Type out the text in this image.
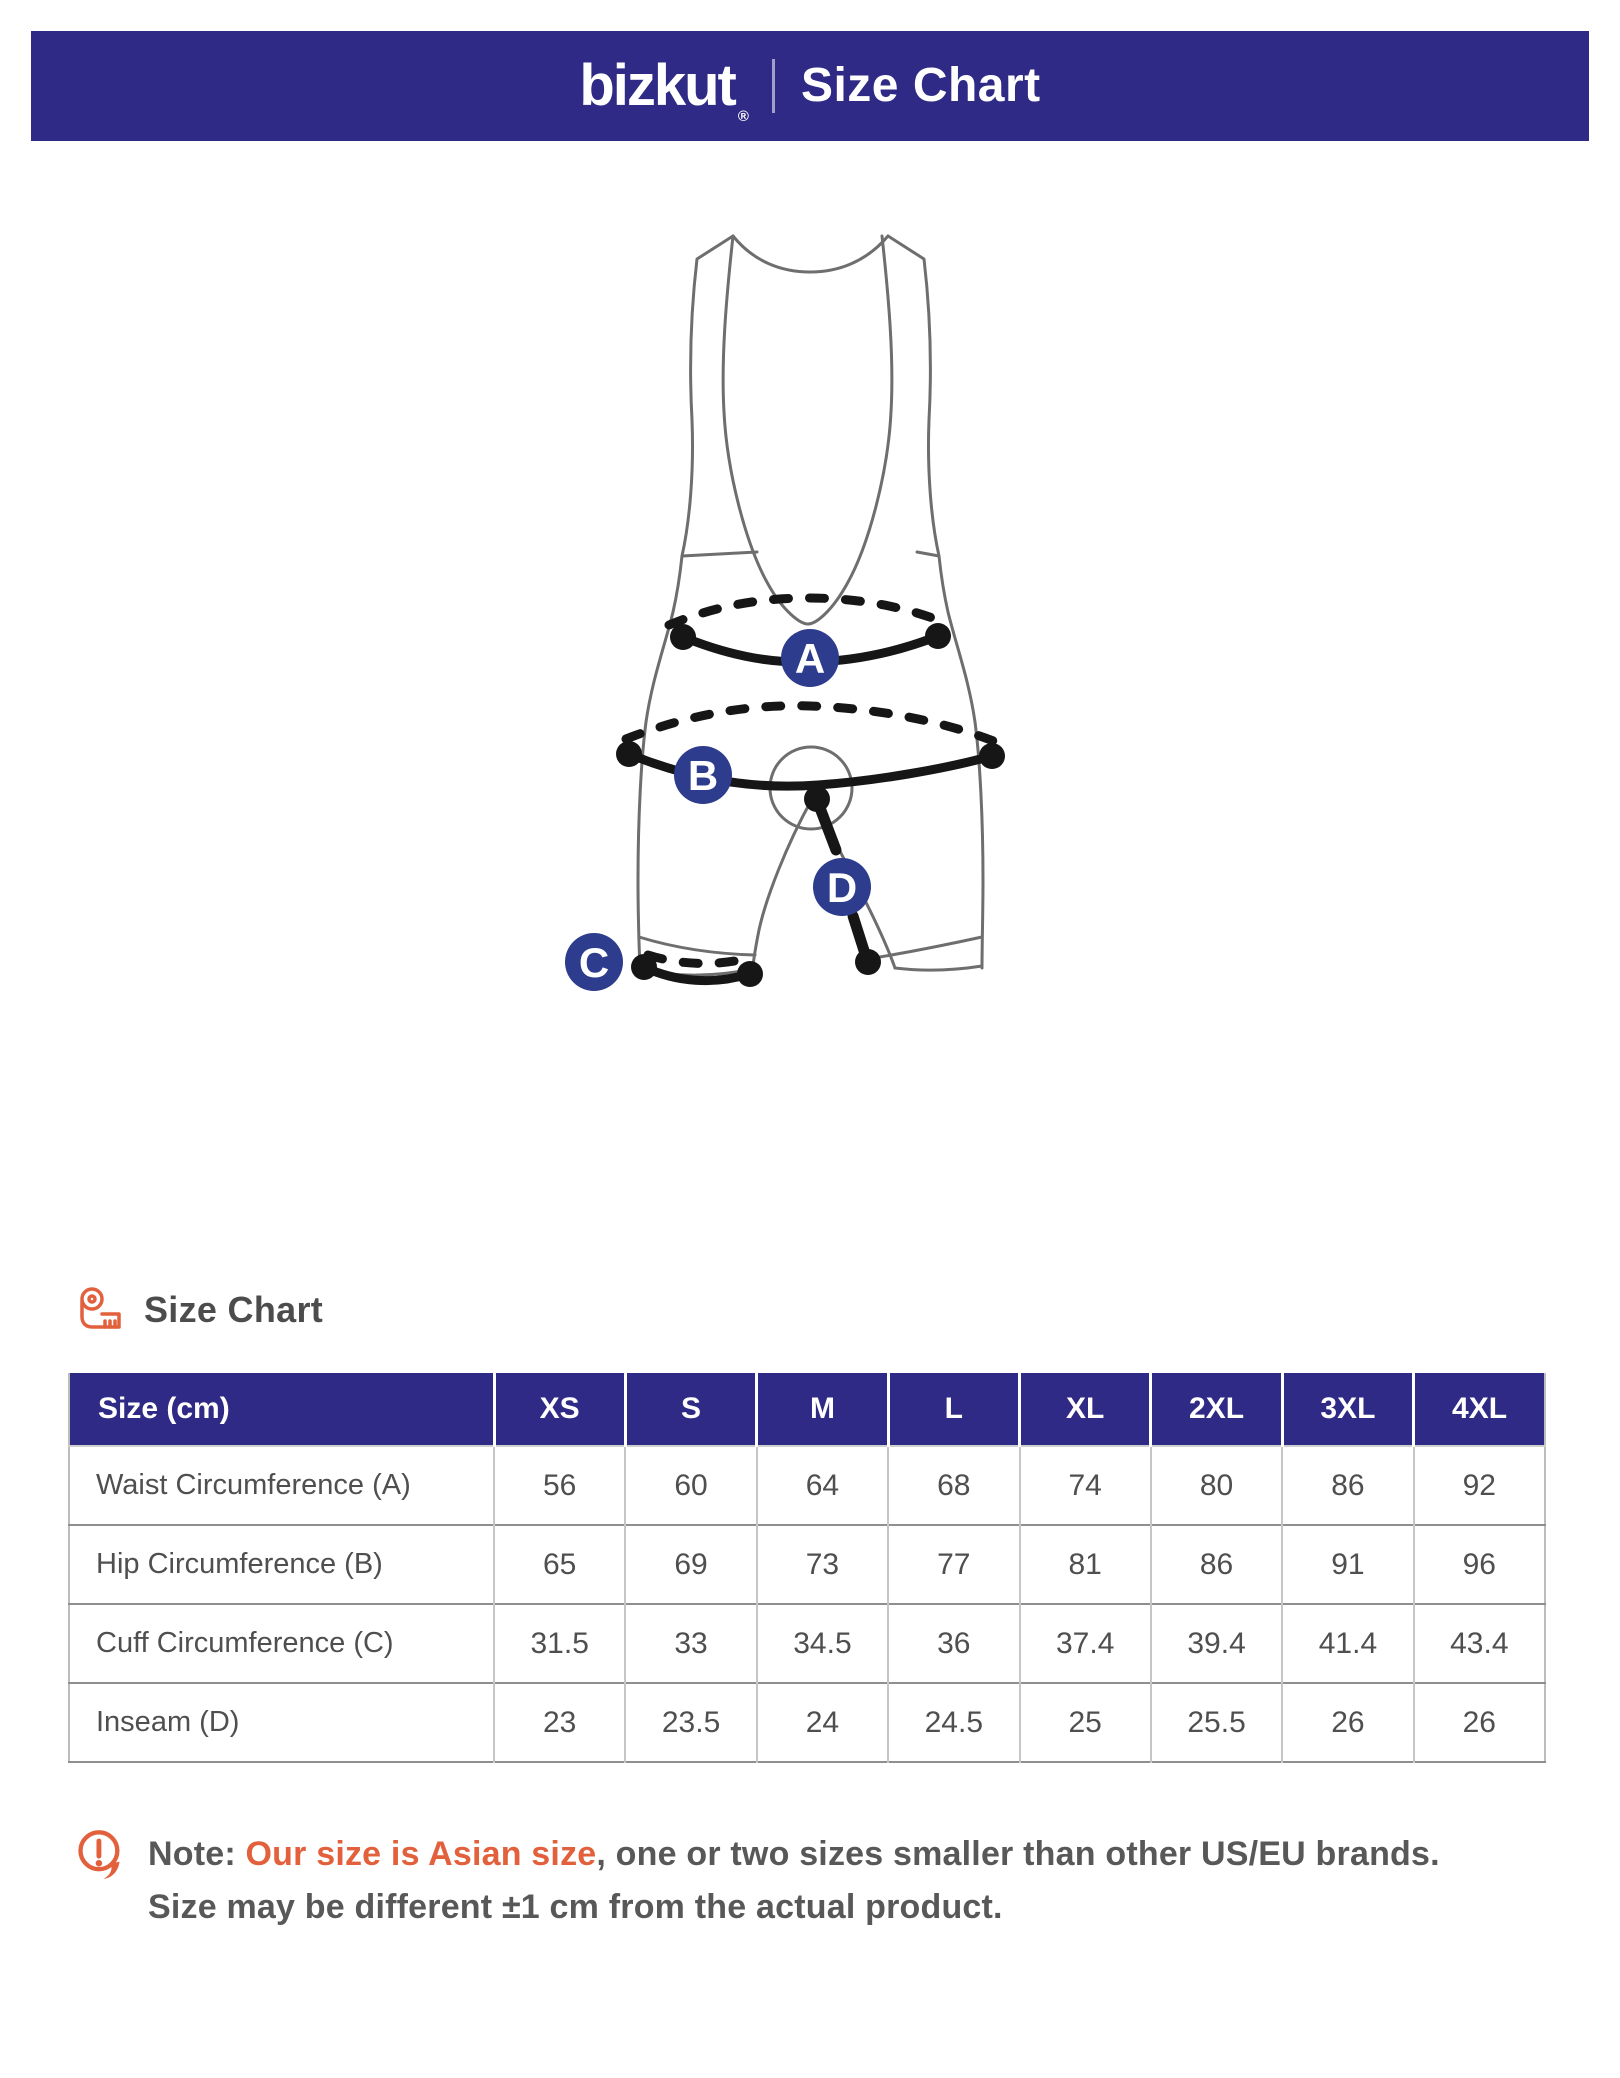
bizkut $_®$
Size Chart
A
B
C
D
Size Chart
Size (cm)	XS	S	M	L	XL	2XL	3XL	4XL
Waist Circumference (A)	56	60	64	68	74	80	86	92
Hip Circumference (B)	65	69	73	77	81	86	91	96
Cuff Circumference (C)	31.5	33	34.5	36	37.4	39.4	41.4	43.4
Inseam (D)	23	23.5	24	24.5	25	25.5	26	26
Note: Our size is Asian size, one or two sizes smaller than other US/EU brands.
Size may be different ±1 cm from the actual product.
